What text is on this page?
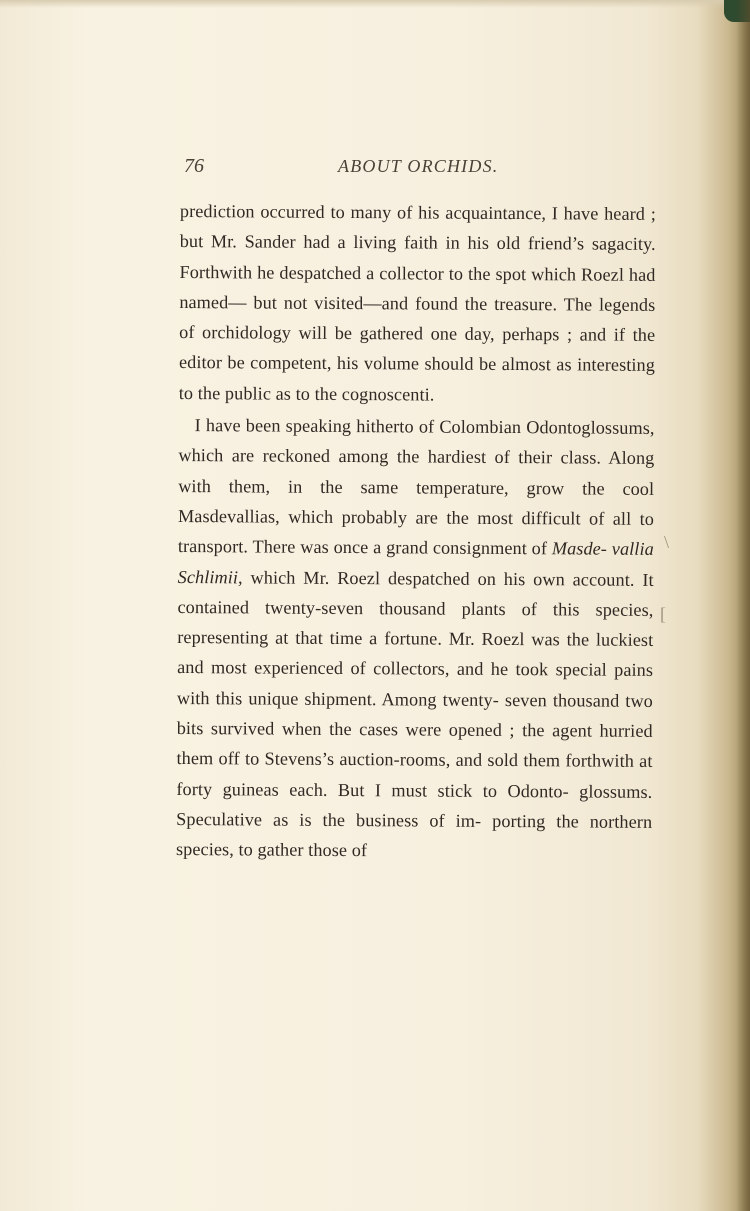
76	ABOUT ORCHIDS.

prediction occurred to many of his acquaintance, I have heard ; but Mr. Sander had a living faith in his old friend’s sagacity. Forthwith he despatched a collector to the spot which Roezl had named— but not visited—and found the treasure. The legends of orchidology will be gathered one day, perhaps ; and if the editor be competent, his volume should be almost as interesting to the public as to the cognoscenti.

I have been speaking hitherto of Colombian Odontoglossums, which are reckoned among the hardiest of their class. Along with them, in the same temperature, grow the cool Masdevallias, which probably are the most difficult of all to transport. There was once a grand consignment of Masde- vallia Schlimii, which Mr. Roezl despatched on his own account. It contained twenty-seven thousand plants of this species, representing at that time a fortune. Mr. Roezl was the luckiest and most experienced of collectors, and he took special pains with this unique shipment. Among twenty- seven thousand two bits survived when the cases were opened ; the agent hurried them off to Stevens’s auction-rooms, and sold them forthwith at forty guineas each. But I must stick to Odonto- glossums. Speculative as is the business of im- porting the northern species, to gather those of

\
[
